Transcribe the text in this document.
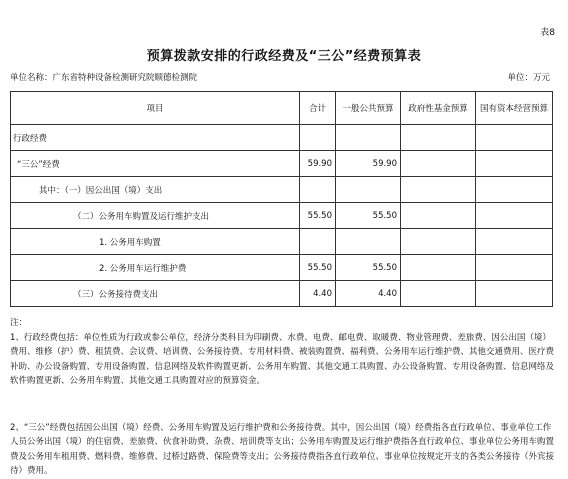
表8
预算拨款安排的行政经费及“三公”经费预算表
单位名称：广东省特种设备检测研究院顺德检测院	单位：万元
项目	合计	一般公共预算	政府性基金预算	国有资本经营预算
行政经费				
“三公”经费	59.90	59.90		
其中：（一）因公出国（境）支出				
（二）公务用车购置及运行维护支出	55.50	55.50		
1. 公务用车购置				
2. 公务用车运行维护费	55.50	55.50		
（三）公务接待费支出	4.40	4.40		

注：

1、行政经费包括：单位性质为行政或参公单位，经济分类科目为印刷费、水费、电费、邮电费、取暖费、物业管理费、差旅费、因公出国（境）费用、维修（护）费、租赁费、会议费、培训费、公务接待费、专用材料费、被装购置费、福利费、公务用车运行维护费、其他交通费用、医疗费补助、办公设备购置、专用设备购置、信息网络及软件购置更新、公务用车购置、其他交通工具购置、办公设备购置、专用设备购置、信息网络及软件购置更新、公务用车购置、其他交通工具购置对应的预算资金。

2、“三公”经费包括因公出国（境）经费、公务用车购置及运行维护费和公务接待费。其中，因公出国（境）经费指各直行政单位、事业单位工作人员公务出国（境）的住宿费、差旅费、伙食补助费、杂费、培训费等支出；公务用车购置及运行维护费指各直行政单位、事业单位公务用车购置费及公务用车租用费、燃料费、维修费、过桥过路费、保险费等支出；公务接待费指各直行政单位、事业单位按规定开支的各类公务接待（外宾接待）费用。
